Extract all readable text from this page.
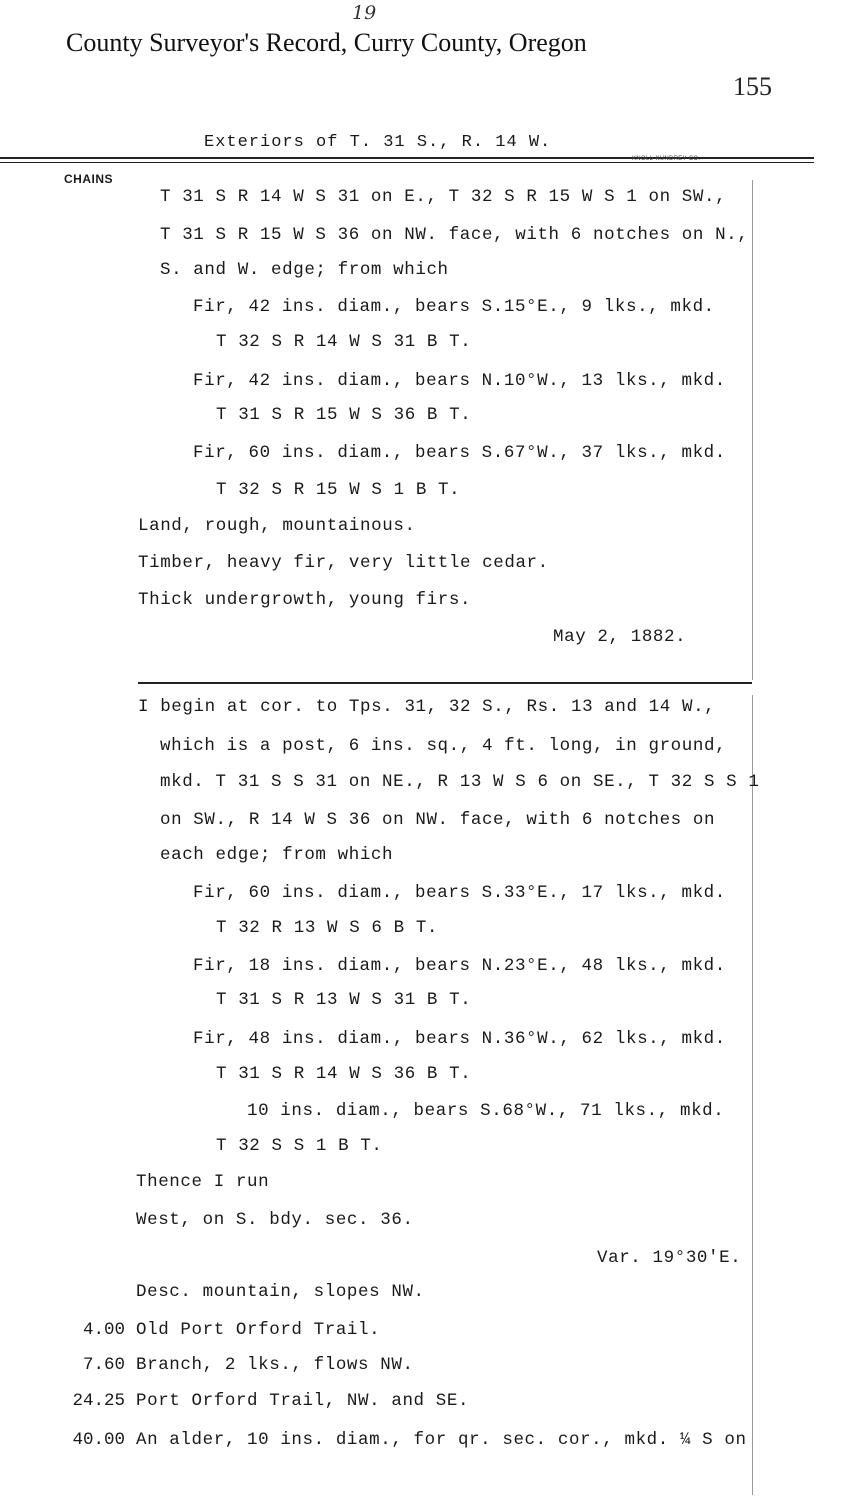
19
County Surveyor's Record, Curry County, Oregon
155
Exteriors of T. 31 S., R. 14 W.
KNOLL-KUNDREY CO.
CHAINS
T 31 S R 14 W S 31 on E., T 32 S R 15 W S 1 on SW.,
T 31 S R 15 W S 36 on NW. face, with 6 notches on N.,
S. and W. edge; from which
Fir, 42 ins. diam., bears S.15°E., 9 lks., mkd.
T 32 S R 14 W S 31 B T.
Fir, 42 ins. diam., bears N.10°W., 13 lks., mkd.
T 31 S R 15 W S 36 B T.
Fir, 60 ins. diam., bears S.67°W., 37 lks., mkd.
T 32 S R 15 W S 1 B T.
Land, rough, mountainous.
Timber, heavy fir, very little cedar.
Thick undergrowth, young firs.
May 2, 1882.
I begin at cor. to Tps. 31, 32 S., Rs. 13 and 14 W.,
which is a post, 6 ins. sq., 4 ft. long, in ground,
mkd. T 31 S S 31 on NE., R 13 W S 6 on SE., T 32 S S 1
on SW., R 14 W S 36 on NW. face, with 6 notches on
each edge; from which
Fir, 60 ins. diam., bears S.33°E., 17 lks., mkd.
T 32 R 13 W S 6 B T.
Fir, 18 ins. diam., bears N.23°E., 48 lks., mkd.
T 31 S R 13 W S 31 B T.
Fir, 48 ins. diam., bears N.36°W., 62 lks., mkd.
T 31 S R 14 W S 36 B T.
10 ins. diam., bears S.68°W., 71 lks., mkd.
T 32 S S 1 B T.
Thence I run
West, on S. bdy. sec. 36.
Var. 19°30'E.
Desc. mountain, slopes NW.
4.00 Old Port Orford Trail.
7.60 Branch, 2 lks., flows NW.
24.25 Port Orford Trail, NW. and SE.
40.00 An alder, 10 ins. diam., for qr. sec. cor., mkd. ¼ S on
